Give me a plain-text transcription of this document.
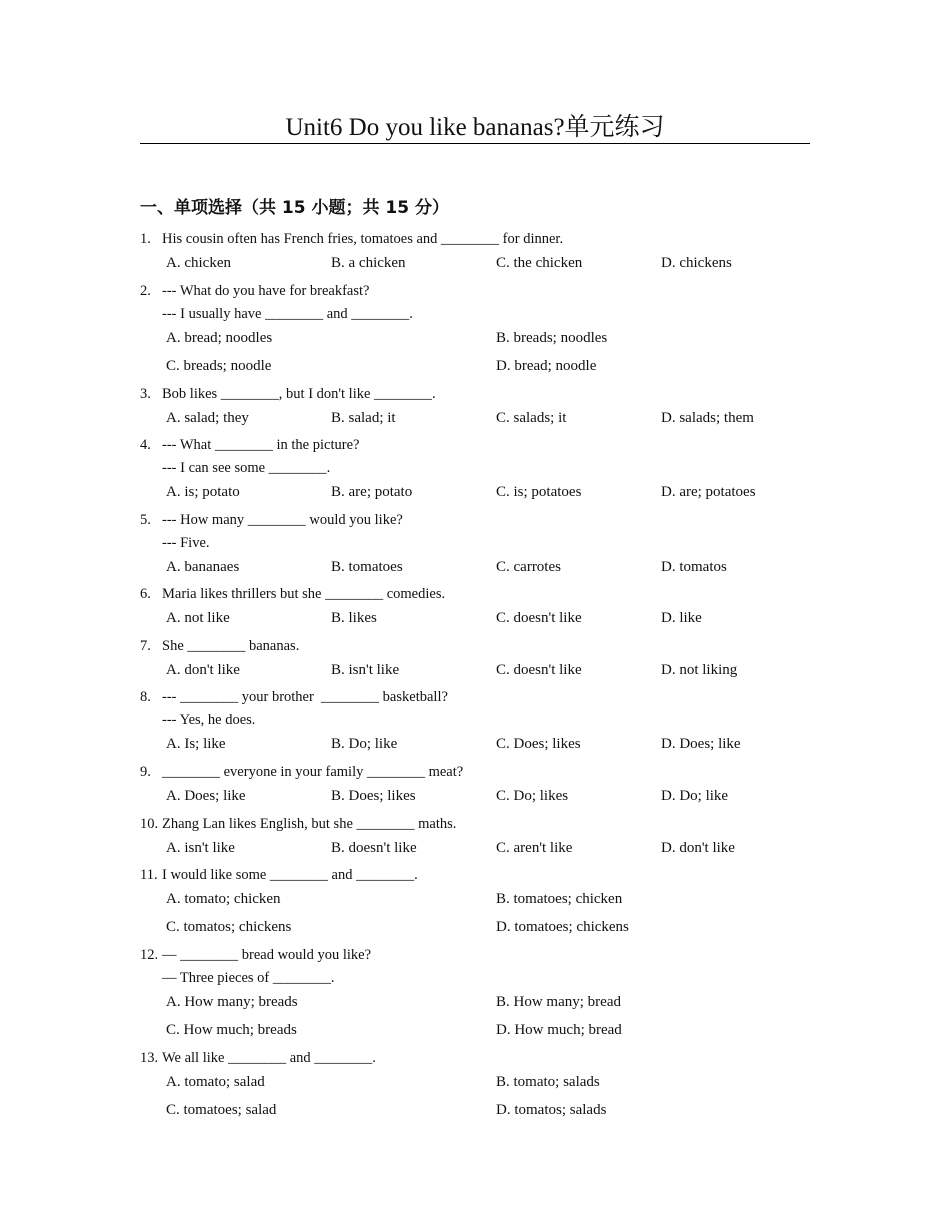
Unit6 Do you like bananas?单元练习
一、单项选择（共 15 小题；共 15 分）
1. His cousin often has French fries, tomatoes and ________ for dinner.
A. chicken	B. a chicken	C. the chicken	D. chickens
2. --- What do you have for breakfast?
--- I usually have ________ and ________.
A. bread; noodles	B. breads; noodles
C. breads; noodle	D. bread; noodle
3. Bob likes ________, but I don't like ________.
A. salad; they	B. salad; it	C. salads; it	D. salads; them
4. --- What ________ in the picture?
--- I can see some ________.
A. is; potato	B. are; potato	C. is; potatoes	D. are; potatoes
5. --- How many ________ would you like?
--- Five.
A. bananaes	B. tomatoes	C. carrotes	D. tomatos
6. Maria likes thrillers but she ________ comedies.
A. not like	B. likes	C. doesn't like	D. like
7. She ________ bananas.
A. don't like	B. isn't like	C. doesn't like	D. not liking
8. --- ________ your brother  ________ basketball?
--- Yes, he does.
A. Is; like	B. Do; like	C. Does; likes	D. Does; like
9. ________ everyone in your family ________ meat?
A. Does; like	B. Does; likes	C. Do; likes	D. Do; like
10. Zhang Lan likes English, but she ________ maths.
A. isn't like	B. doesn't like	C. aren't like	D. don't like
11. I would like some ________ and ________.
A. tomato; chicken	B. tomatoes; chicken
C. tomatos; chickens	D. tomatoes; chickens
12. — ________ bread would you like?
— Three pieces of ________.
A. How many; breads	B. How many; bread
C. How much; breads	D. How much; bread
13. We all like ________ and ________.
A. tomato; salad	B. tomato; salads
C. tomatoes; salad	D. tomatos; salads
